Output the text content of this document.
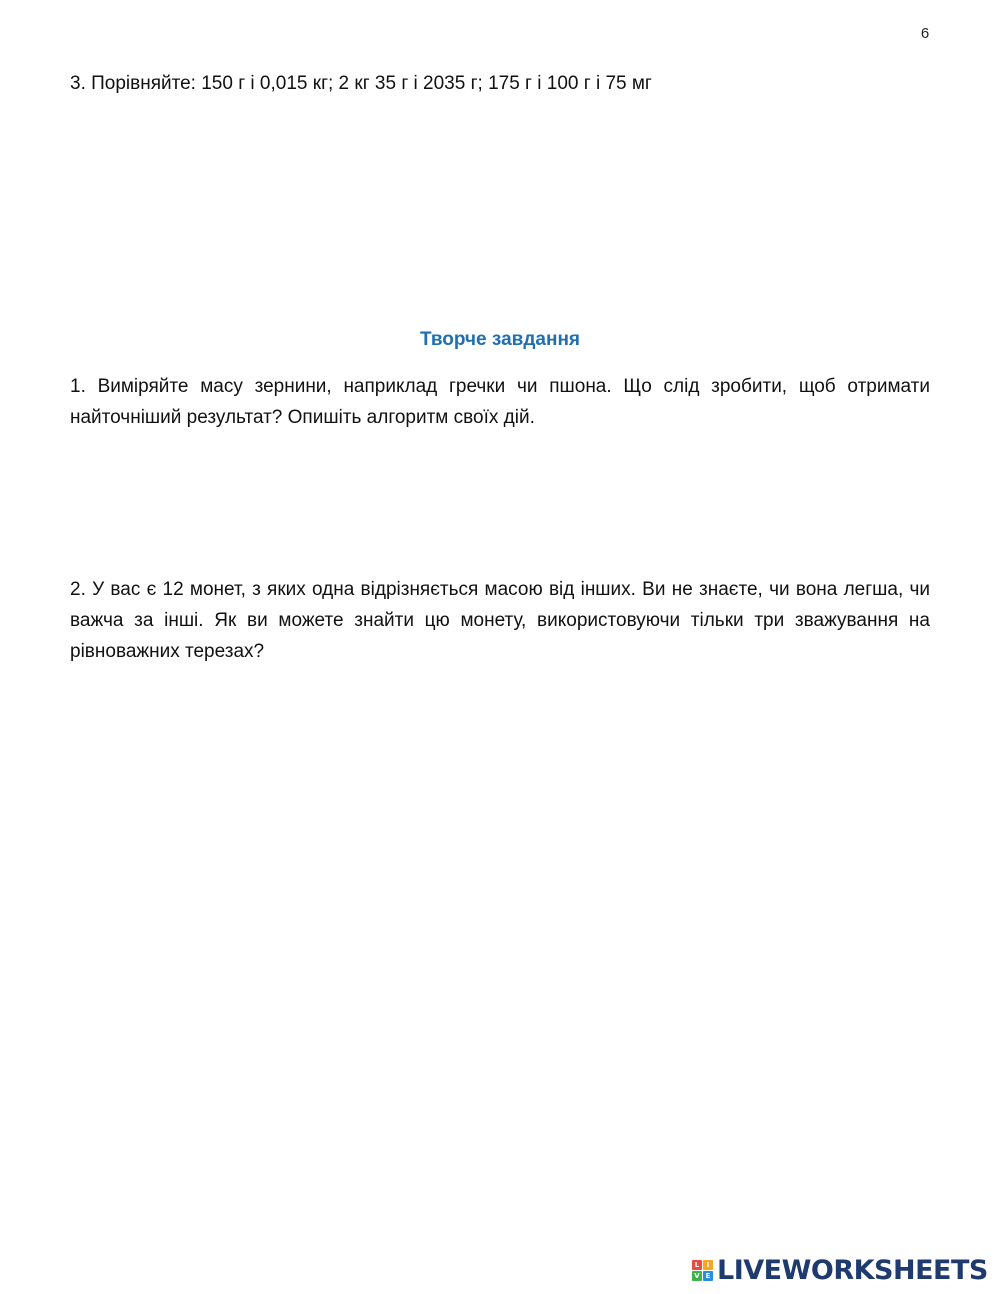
6
3. Порівняйте: 150 г і 0,015 кг; 2 кг 35 г і 2035 г; 175 г і 100 г і 75 мг
Творче завдання
1. Виміряйте масу зернини, наприклад гречки чи пшона. Що слід зробити, щоб отримати найточніший результат? Опишіть алгоритм своїх дій.
2. У вас є 12 монет, з яких одна відрізняється масою від інших. Ви не знаєте, чи вона легша, чи важча за інші. Як ви можете знайти цю монету, використовуючи тільки три зважування на рівноважних терезах?
L	I
V E LIVEWORKSHEETS
